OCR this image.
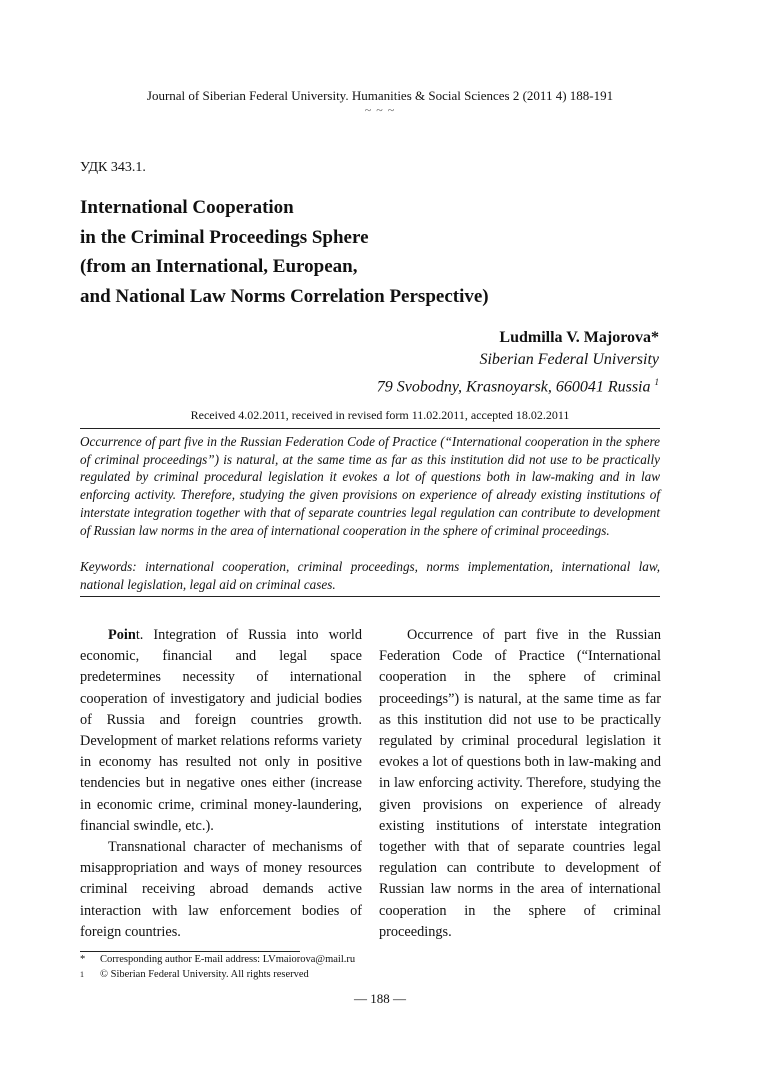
Journal of Siberian Federal University. Humanities & Social Sciences 2 (2011 4) 188-191
~ ~ ~
УДК 343.1.
International Cooperation
in the Criminal Proceedings Sphere
(from an International, European,
and National Law Norms Correlation Perspective)
Ludmilla V. Majorova*
Siberian Federal University
79 Svobodny, Krasnoyarsk, 660041 Russia $^1$
Received 4.02.2011, received in revised form 11.02.2011, accepted 18.02.2011
Occurrence of part five in the Russian Federation Code of Practice (“International cooperation in the sphere of criminal proceedings”) is natural, at the same time as far as this institution did not use to be practically regulated by criminal procedural legislation it evokes a lot of questions both in law-making and in law enforcing activity. Therefore, studying the given provisions on experience of already existing institutions of interstate integration together with that of separate countries legal regulation can contribute to development of Russian law norms in the area of international cooperation in the sphere of criminal proceedings.
Keywords: international cooperation, criminal proceedings, norms implementation, international law, national legislation, legal aid on criminal cases.

Point. Integration of Russia into world economic, financial and legal space predetermines necessity of international cooperation of investigatory and judicial bodies of Russia and foreign countries growth. Development of market relations reforms variety in economy has resulted not only in positive tendencies but in negative ones either (increase in economic crime, criminal money-laundering, financial swindle, etc.).

Transnational character of mechanisms of misappropriation and ways of money resources criminal receiving abroad demands active interaction with law enforcement bodies of foreign countries.

Occurrence of part five in the Russian Federation Code of Practice (“International cooperation in the sphere of criminal proceedings”) is natural, at the same time as far as this institution did not use to be practically regulated by criminal procedural legislation it evokes a lot of questions both in law-making and in law enforcing activity. Therefore, studying the given provisions on experience of already existing institutions of interstate integration together with that of separate countries legal regulation can contribute to development of Russian law norms in the area of international cooperation in the sphere of criminal proceedings.

*	Corresponding author E-mail address: LVmaiorova@mail.ru
1	© Siberian Federal University. All rights reserved
— 188 —
